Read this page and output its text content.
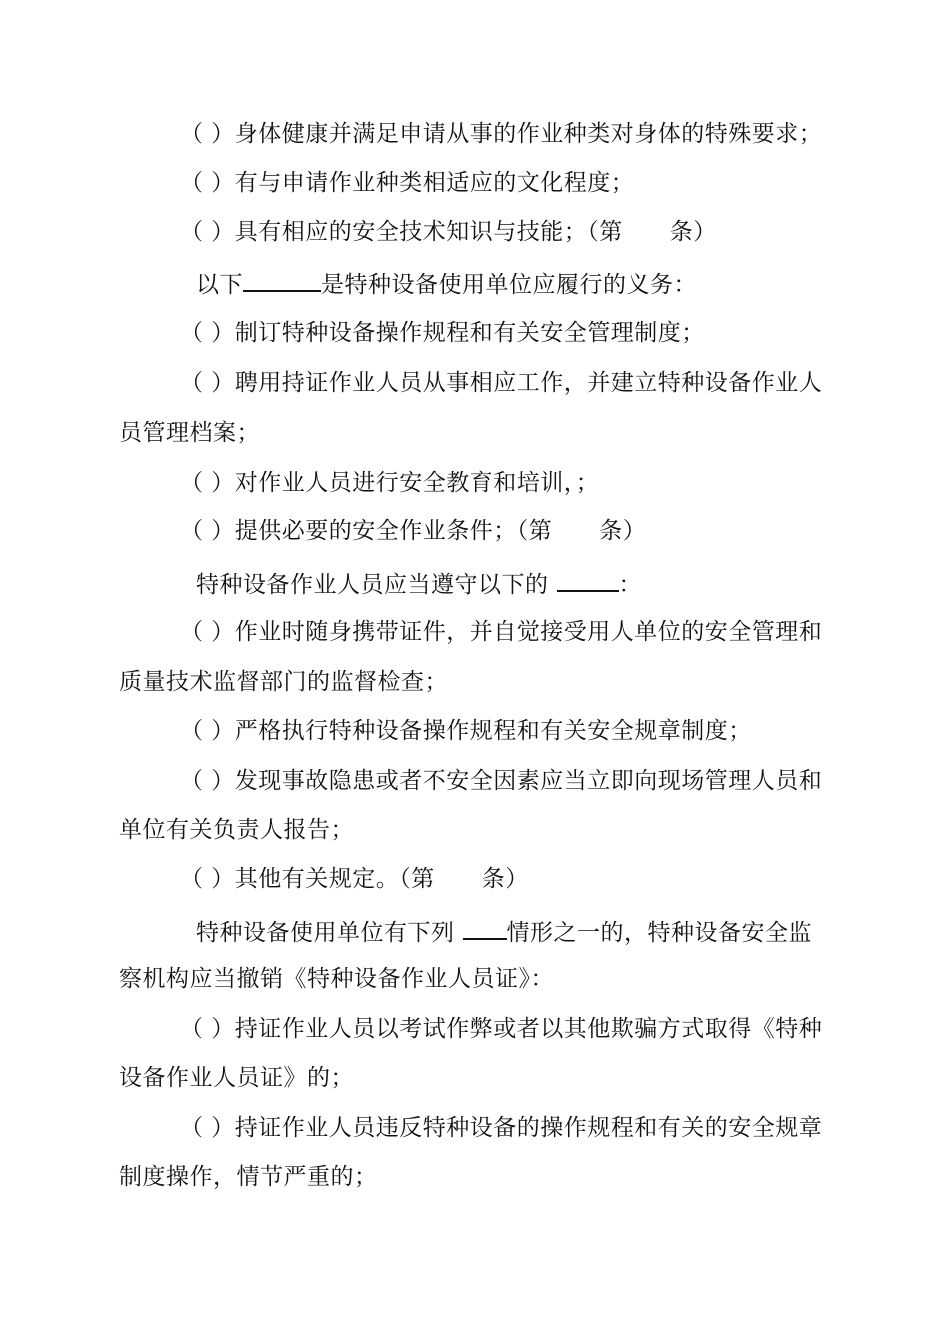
（ ）身体健康并满足申请从事的作业种类对身体的特殊要求；
（ ）有与申请作业种类相适应的文化程度；
（ ）具有相应的安全技术知识与技能；（第　　条）
以下	是特种设备使用单位应履行的义务：
（ ）制订特种设备操作规程和有关安全管理制度；
（ ）聘用持证作业人员从事相应工作，并建立特种设备作业人
员管理档案；
（ ）对作业人员进行安全教育和培训，；
（ ）提供必要的安全作业条件；（第　　条）
特种设备作业人员应当遵守以下的	：
（ ）作业时随身携带证件，并自觉接受用人单位的安全管理和
质量技术监督部门的监督检查；
（ ）严格执行特种设备操作规程和有关安全规章制度；
（ ）发现事故隐患或者不安全因素应当立即向现场管理人员和
单位有关负责人报告；
（ ）其他有关规定。（第　　条）
特种设备使用单位有下列 情形之一的，特种设备安全监
察机构应当撤销《特种设备作业人员证》：
（ ）持证作业人员以考试作弊或者以其他欺骗方式取得《特种
设备作业人员证》的；
（ ）持证作业人员违反特种设备的操作规程和有关的安全规章
制度操作，情节严重的；
